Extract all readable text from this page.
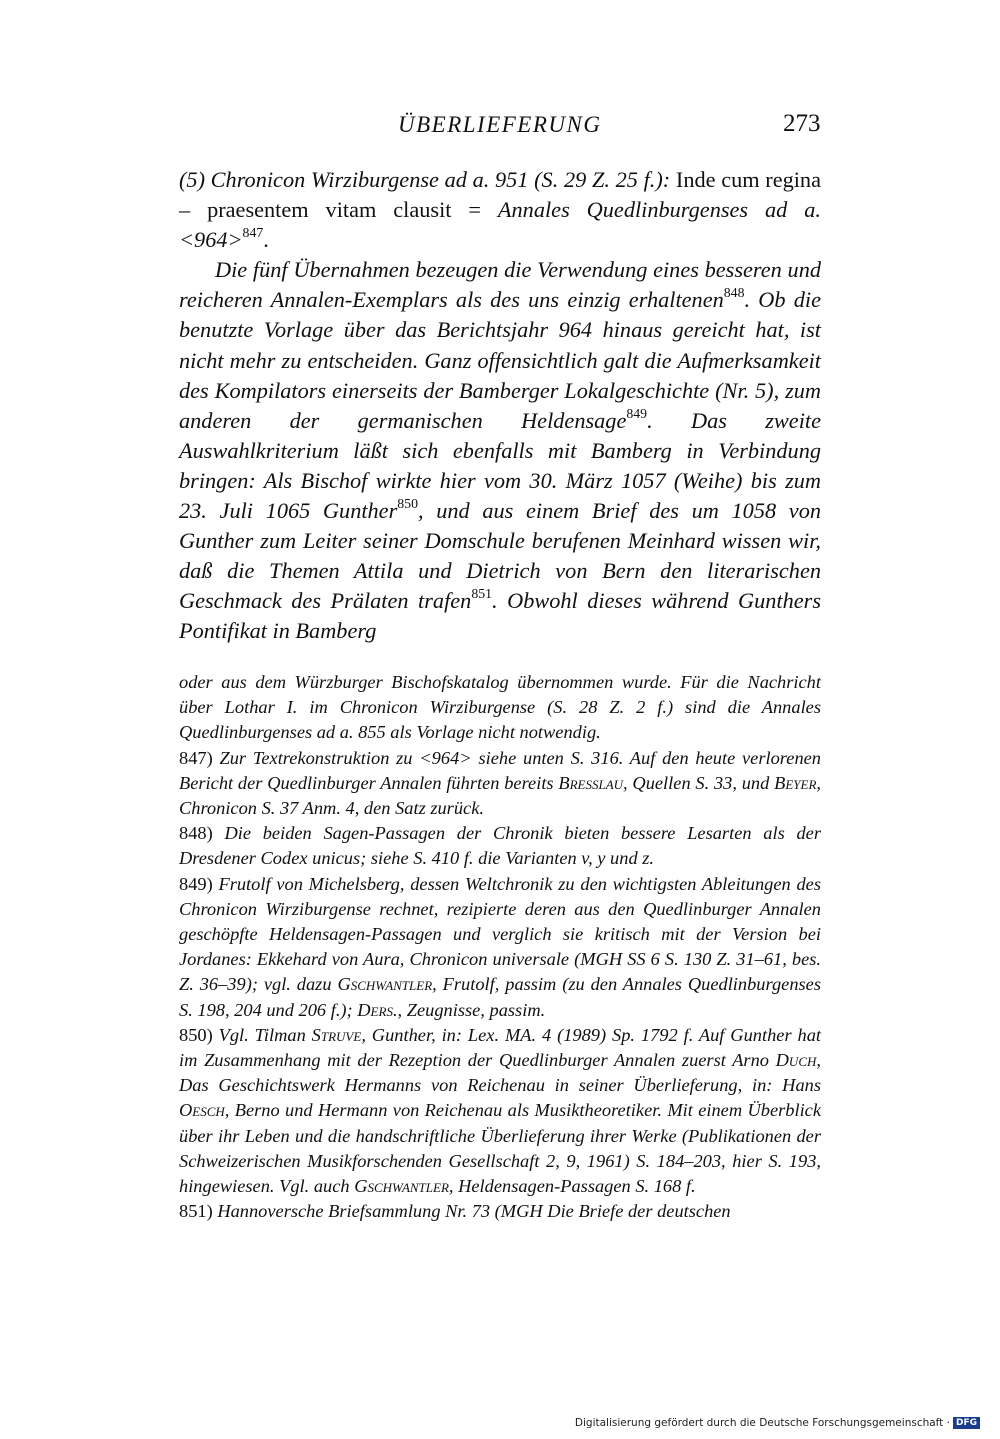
ÜBERLIEFERUNG	273

(5) Chronicon Wirziburgense ad a. 951 (S. 29 Z. 25 f.): Inde cum regina – praesentem vitam clausit = Annales Quedlinburgenses ad a. <964>$^{847}$.

Die fünf Übernahmen bezeugen die Verwendung eines besseren und reicheren Annalen-Exemplars als des uns einzig erhaltenen$^{848}$. Ob die benutzte Vorlage über das Berichtsjahr 964 hinaus gereicht hat, ist nicht mehr zu entscheiden. Ganz offensichtlich galt die Aufmerksamkeit des Kompilators einerseits der Bamberger Lokalgeschichte (Nr. 5), zum anderen der germanischen Heldensage$^{849}$. Das zweite Auswahlkriterium läßt sich ebenfalls mit Bamberg in Verbindung bringen: Als Bischof wirkte hier vom 30. März 1057 (Weihe) bis zum 23. Juli 1065 Gunther$^{850}$, und aus einem Brief des um 1058 von Gunther zum Leiter seiner Domschule berufenen Meinhard wissen wir, daß die Themen Attila und Dietrich von Bern den literarischen Geschmack des Prälaten trafen$^{851}$. Obwohl dieses während Gunthers Pontifikat in Bamberg

oder aus dem Würzburger Bischofskatalog übernommen wurde. Für die Nachricht über Lothar I. im Chronicon Wirziburgense (S. 28 Z. 2 f.) sind die Annales Quedlinburgenses ad a. 855 als Vorlage nicht notwendig.

847) Zur Textrekonstruktion zu <964> siehe unten S. 316. Auf den heute verlorenen Bericht der Quedlinburger Annalen führten bereits Bresslau, Quellen S. 33, und Beyer, Chronicon S. 37 Anm. 4, den Satz zurück.

848) Die beiden Sagen-Passagen der Chronik bieten bessere Lesarten als der Dresdener Codex unicus; siehe S. 410 f. die Varianten v, y und z.

849) Frutolf von Michelsberg, dessen Weltchronik zu den wichtigsten Ableitungen des Chronicon Wirziburgense rechnet, rezipierte deren aus den Quedlinburger Annalen geschöpfte Heldensagen-Passagen und verglich sie kritisch mit der Version bei Jordanes: Ekkehard von Aura, Chronicon universale (MGH SS 6 S. 130 Z. 31–61, bes. Z. 36–39); vgl. dazu Gschwantler, Frutolf, passim (zu den Annales Quedlinburgenses S. 198, 204 und 206 f.); Ders., Zeugnisse, passim.

850) Vgl. Tilman Struve, Gunther, in: Lex. MA. 4 (1989) Sp. 1792 f. Auf Gunther hat im Zusammenhang mit der Rezeption der Quedlinburger Annalen zuerst Arno Duch, Das Geschichtswerk Hermanns von Reichenau in seiner Überlieferung, in: Hans Oesch, Berno und Hermann von Reichenau als Musiktheoretiker. Mit einem Überblick über ihr Leben und die handschriftliche Überlieferung ihrer Werke (Publikationen der Schweizerischen Musikforschenden Gesellschaft 2, 9, 1961) S. 184–203, hier S. 193, hingewiesen. Vgl. auch Gschwantler, Heldensagen-Passagen S. 168 f.

851) Hannoversche Briefsammlung Nr. 73 (MGH Die Briefe der deutschen

Digitalisierung gefördert durch die Deutsche Forschungsgemeinschaft · DFG
